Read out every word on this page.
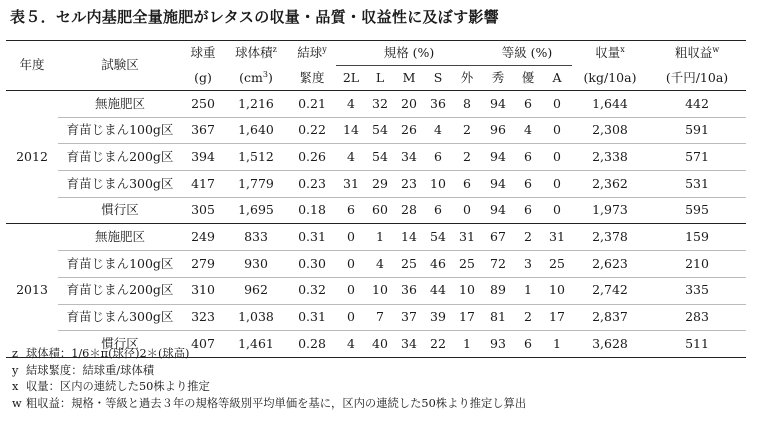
表５．セル内基肥全量施肥がレタスの収量・品質・収益性に及ぼす影響
年度	試験区	球重	球体積$^z$	結球$^y$	規格 (%)					等級 (%)			収量$^x$	粗収益$^w$
		(g)	$(cm^3)$	緊度	2L	L	M	S	外	秀	優	A	(kg/10a)	(千円/10a)
2012	無施肥区	250	1,216	0.21	4	32	20	36	8	94	6	0	1,644	442
	育苗じまん100g区	367	1,640	0.22	14	54	26	4	2	96	4	0	2,308	591
	育苗じまん200g区	394	1,512	0.26	4	54	34	6	2	94	6	0	2,338	571
	育苗じまん300g区	417	1,779	0.23	31	29	23	10	6	94	6	0	2,362	531
	慣行区	305	1,695	0.18	6	60	28	6	0	94	6	0	1,973	595
2013	無施肥区	249	833	0.31	0	1	14	54	31	67	2	31	2,378	159
	育苗じまん100g区	279	930	0.30	0	4	25	46	25	72	3	25	2,623	210
	育苗じまん200g区	310	962	0.32	0	10	36	44	10	89	1	10	2,742	335
	育苗じまん300g区	323	1,038	0.31	0	7	37	39	17	81	2	17	2,837	283
	慣行区	407	1,461	0.28	4	40	34	22	1	93	6	1	3,628	511
z 球体積：1/6＊π(球径)2＊(球高)
y 結球緊度：結球重/球体積
x 収量：区内の連続した50株より推定
w 粗収益：規格・等級と過去３年の規格等級別平均単価を基に，区内の連続した50株より推定し算出
